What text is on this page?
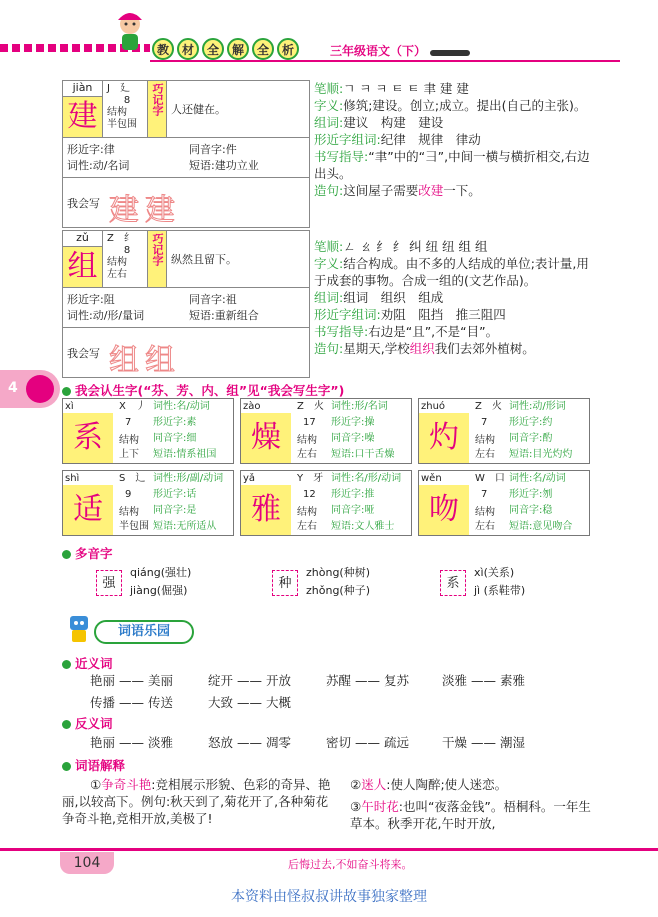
教	材	全	解	全	析	三年级语文（下）
4
jiàn
建
J　 廴
8
结构
半包围
巧记字 人还健在。
形近字:律	同音字:件
词性:动/名词	短语:建功立业
我会写 建建
笔顺:ㄱ ㅋ ㅋ ㅌ ㅌ 聿 建 建
字义:修筑;建设。创立;成立。提出(自己的主张)。
组词:建议　构建　建设
形近字组词:纪律　规律　律动
书写指导:“聿”中的“⺕”,中间一横与横折相交,右边出头。
造句:这间屋子需要改建一下。
zǔ
组
Z　 纟
8
结构
左右
巧记字 纵然且留下。
形近字:阻	同音字:祖
词性:动/形/量词	短语:重新组合
我会写 组组
笔顺:ㄥ ㄠ 纟 纟 纠 纽 纽 组 组
字义:结合构成。由不多的人结成的单位;表计量,用于成套的事物。合成一组的(文艺作品)。
组词:组词　组织　组成
形近字组词:劝阻　阻挡　推三阻四
书写指导:右边是“且”,不是“目”。
造句:星期天,学校组织我们去郊外植树。
我会认生字(“芬、芳、内、组”见“我会写生字”)
xì
系
X　 丿
7
结构
上下
词性:名/动词
形近字:素
同音字:细
短语:情系祖国
zào
燥
Z　 火
17
结构
左右
词性:形/名词
形近字:操
同音字:噪
短语:口干舌燥
zhuó
灼
Z　 火
7
结构
左右
词性:动/形词
形近字:约
同音字:酌
短语:目光灼灼
shì
适
S　 辶
9
结构
半包围
词性:形/副/动词
形近字:话
同音字:是
短语:无所适从
yǎ
雅
Y　 牙
12
结构
左右
词性:名/形/动词
形近字:推
同音字:哑
短语:文人雅士
wěn
吻
W　 口
7
结构
左右
词性:名/动词
形近字:刎
同音字:稳
短语:意见吻合
多音字
强
qiáng(强壮)
jiàng(倔强)	种
zhòng(种树)
zhǒng(种子)	系
xì(关系)
jì (系鞋带)
词语乐园
近义词
艳丽 —— 美丽	绽开 —— 开放	苏醒 —— 复苏	淡雅 —— 素雅
传播 —— 传送	大致 —— 大概
反义词
艳丽 —— 淡雅	怒放 —— 凋零	密切 —— 疏远	干燥 —— 潮湿
词语解释
①争奇斗艳:竞相展示形貌、色彩的奇异、艳丽,以较高下。例句:秋天到了,菊花开了,各种菊花争奇斗艳,竞相开放,美极了!
②迷人:使人陶醉;使人迷恋。
③午时花:也叫“夜落金钱”。梧桐科。一年生草本。秋季开花,午时开放,
104	后悔过去,不如奋斗将来。
本资料由怪叔叔讲故事独家整理
